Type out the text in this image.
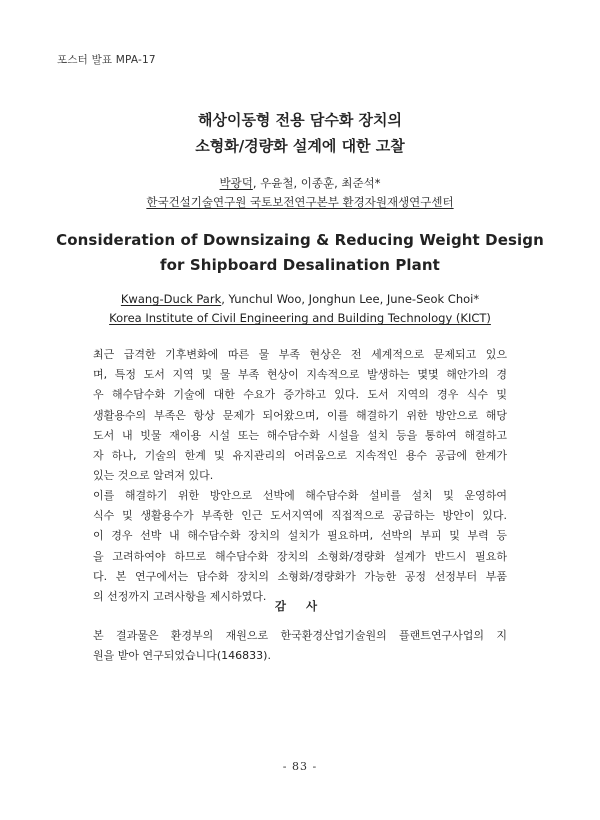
포스터 발표 MPA-17
해상이동형 전용 담수화 장치의
소형화/경량화 설계에 대한 고찰
박광덕, 우윤철, 이종훈, 최준석*
한국건설기술연구원 국토보전연구본부 환경자원재생연구센터
Consideration of Downsizaing & Reducing Weight Design
for Shipboard Desalination Plant
Kwang-Duck Park, Yunchul Woo, Jonghun Lee, June-Seok Choi*
Korea Institute of Civil Engineering and Building Technology (KICT)
최근 급격한 기후변화에 따른 물 부족 현상은 전 세계적으로 문제되고 있으
며, 특정 도서 지역 및 물 부족 현상이 지속적으로 발생하는 몇몇 해안가의 경
우 해수담수화 기술에 대한 수요가 증가하고 있다. 도서 지역의 경우 식수 및
생활용수의 부족은 항상 문제가 되어왔으며, 이를 해결하기 위한 방안으로 해당
도서 내 빗물 재이용 시설 또는 해수담수화 시설을 설치 등을 통하여 해결하고
자 하나, 기술의 한계 및 유지관리의 어려움으로 지속적인 용수 공급에 한계가
있는 것으로 알려져 있다.
이를 해결하기 위한 방안으로 선박에 해수담수화 설비를 설치 및 운영하여
식수 및 생활용수가 부족한 인근 도서지역에 직접적으로 공급하는 방안이 있다.
이 경우 선박 내 해수담수화 장치의 설치가 필요하며, 선박의 부피 및 부력 등
을 고려하여야 하므로 해수담수화 장치의 소형화/경량화 설계가 반드시 필요하
다. 본 연구에서는 담수화 장치의 소형화/경량화가 가능한 공정 선정부터 부품
의 선정까지 고려사항을 제시하였다.
감 사
본 결과물은 환경부의 재원으로 한국환경산업기술원의 플랜트연구사업의 지
원을 받아 연구되었습니다(146833).
- 83 -
